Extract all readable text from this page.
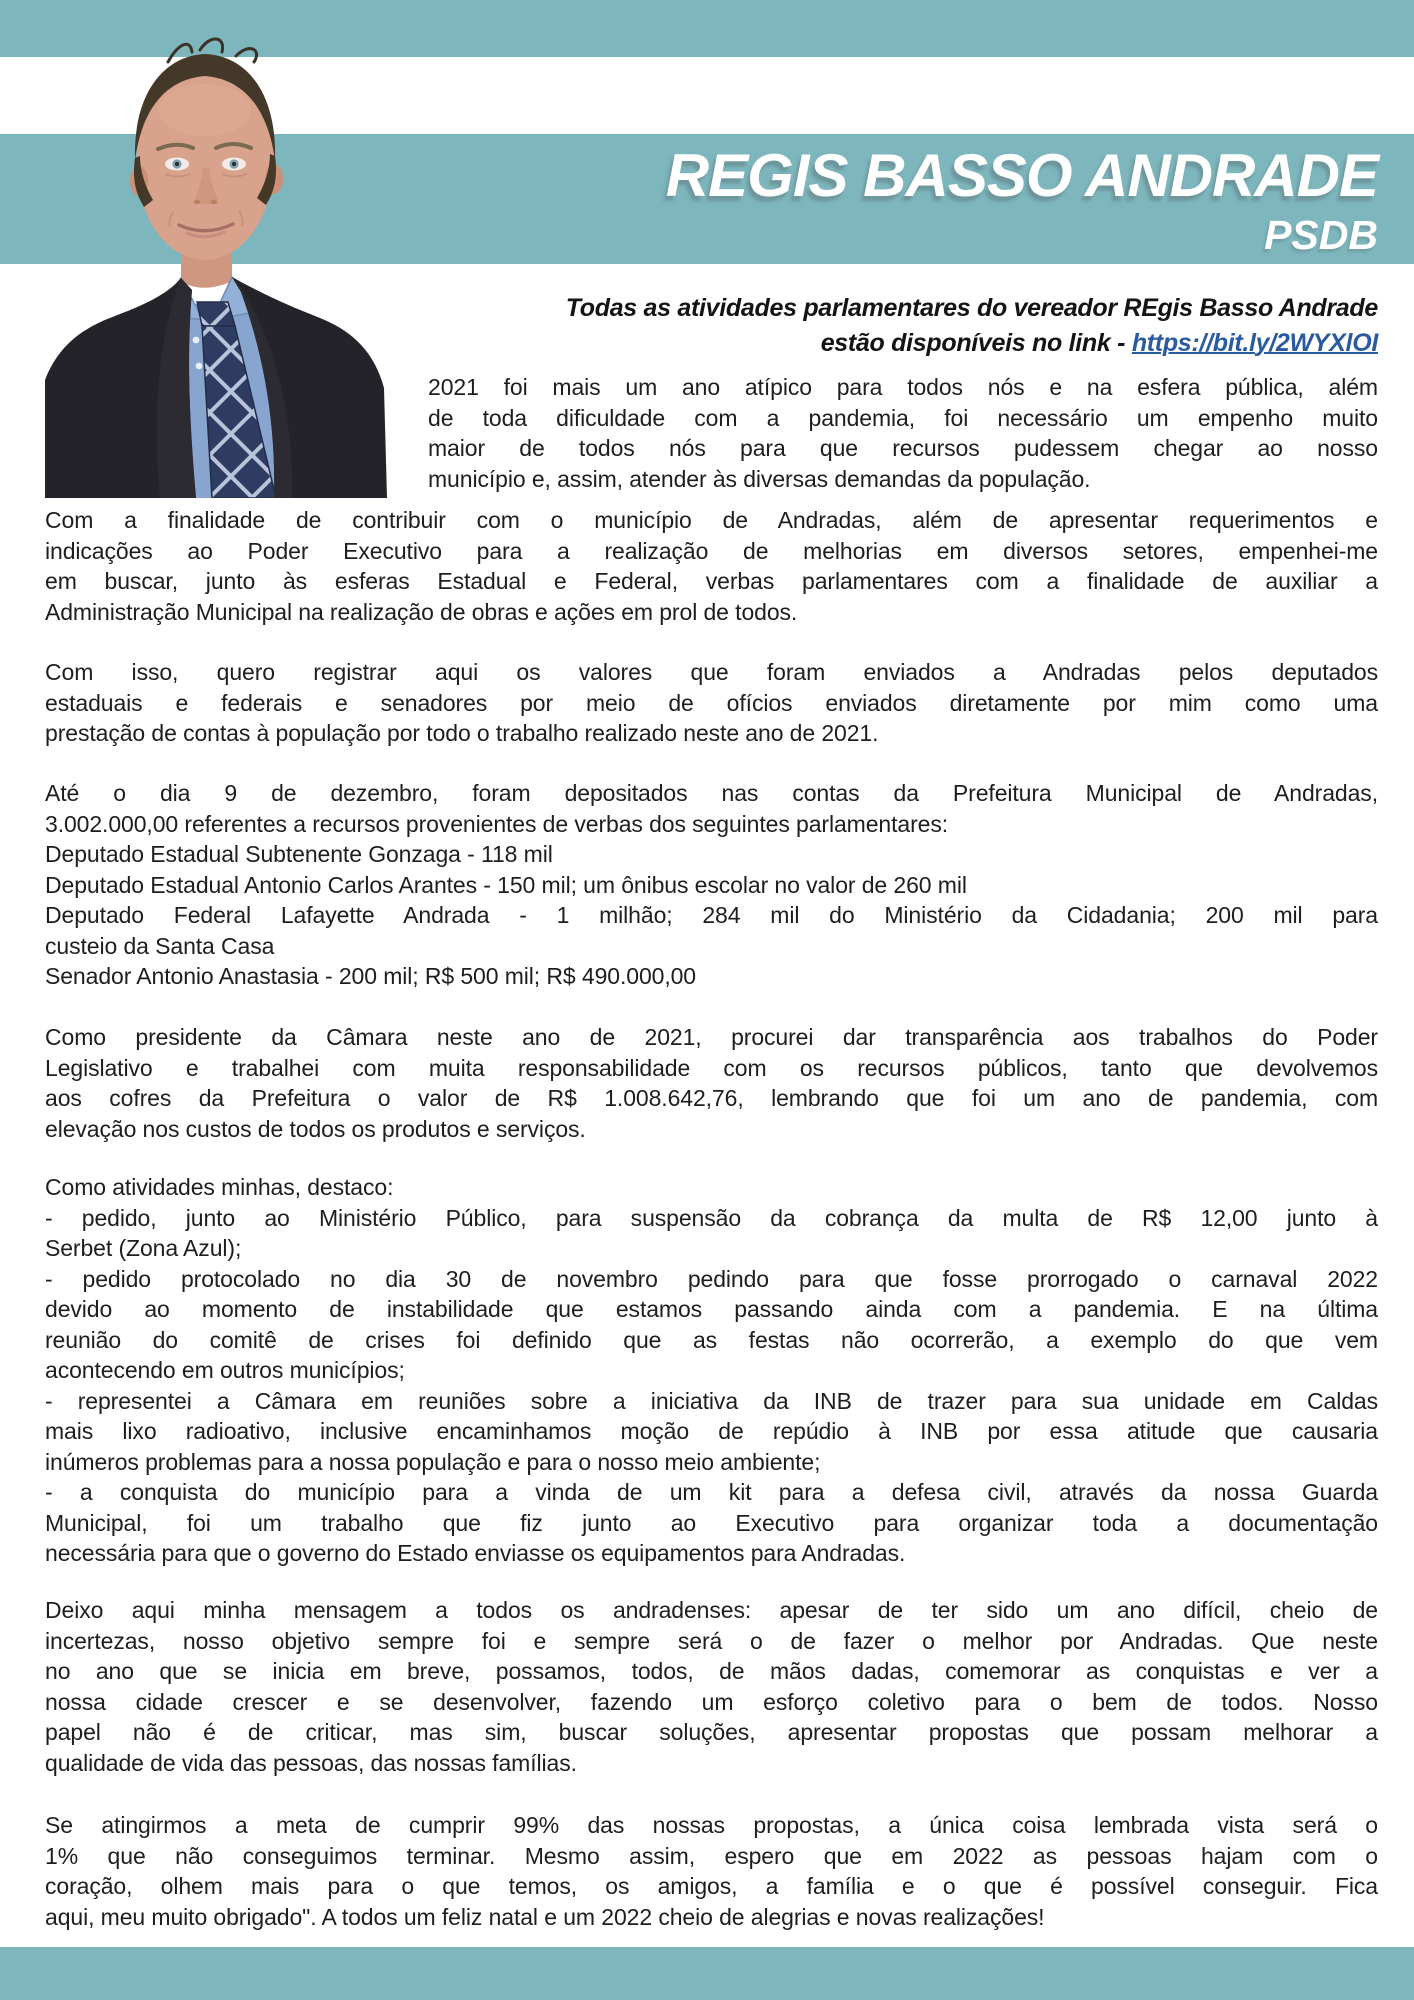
REGIS BASSO ANDRADE
PSDB
Todas as atividades parlamentares do vereador REgis Basso Andrade
estão disponíveis no link - https://bit.ly/2WYXlOI
2021 foi mais um ano atípico para todos nós e na esfera pública, além
de toda dificuldade com a pandemia, foi necessário um empenho muito
maior de todos nós para que recursos pudessem chegar ao nosso
município e, assim, atender às diversas demandas da população.
Com a finalidade de contribuir com o município de Andradas, além de apresentar requerimentos e
indicações ao Poder Executivo para a realização de melhorias em diversos setores, empenhei-me
em buscar, junto às esferas Estadual e Federal, verbas parlamentares com a finalidade de auxiliar a
Administração Municipal na realização de obras e ações em prol de todos.
Com isso, quero registrar aqui os valores que foram enviados a Andradas pelos deputados
estaduais e federais e senadores por meio de ofícios enviados diretamente por mim como uma
prestação de contas à população por todo o trabalho realizado neste ano de 2021.
Até o dia 9 de dezembro, foram depositados nas contas da Prefeitura Municipal de Andradas,
3.002.000,00 referentes a recursos provenientes de verbas dos seguintes parlamentares:
Deputado Estadual Subtenente Gonzaga - 118 mil
Deputado Estadual Antonio Carlos Arantes - 150 mil; um ônibus escolar no valor de 260 mil
Deputado Federal Lafayette Andrada - 1 milhão; 284 mil do Ministério da Cidadania; 200 mil para
custeio da Santa Casa
Senador Antonio Anastasia - 200 mil; R$ 500 mil; R$ 490.000,00
Como presidente da Câmara neste ano de 2021, procurei dar transparência aos trabalhos do Poder
Legislativo e trabalhei com muita responsabilidade com os recursos públicos, tanto que devolvemos
aos cofres da Prefeitura o valor de R$ 1.008.642,76, lembrando que foi um ano de pandemia, com
elevação nos custos de todos os produtos e serviços.
Como atividades minhas, destaco:
- pedido, junto ao Ministério Público, para suspensão da cobrança da multa de R$ 12,00 junto à
Serbet (Zona Azul);
- pedido protocolado no dia 30 de novembro pedindo para que fosse prorrogado o carnaval 2022
devido ao momento de instabilidade que estamos passando ainda com a pandemia. E na última
reunião do comitê de crises foi definido que as festas não ocorrerão, a exemplo do que vem
acontecendo em outros municípios;
- representei a Câmara em reuniões sobre a iniciativa da INB de trazer para sua unidade em Caldas
mais lixo radioativo, inclusive encaminhamos moção de repúdio à INB por essa atitude que causaria
inúmeros problemas para a nossa população e para o nosso meio ambiente;
- a conquista do município para a vinda de um kit para a defesa civil, através da nossa Guarda
Municipal, foi um trabalho que fiz junto ao Executivo para organizar toda a documentação
necessária para que o governo do Estado enviasse os equipamentos para Andradas.
Deixo aqui minha mensagem a todos os andradenses: apesar de ter sido um ano difícil, cheio de
incertezas, nosso objetivo sempre foi e sempre será o de fazer o melhor por Andradas. Que neste
no ano que se inicia em breve, possamos, todos, de mãos dadas, comemorar as conquistas e ver a
nossa cidade crescer e se desenvolver, fazendo um esforço coletivo para o bem de todos. Nosso
papel não é de criticar, mas sim, buscar soluções, apresentar propostas que possam melhorar a
qualidade de vida das pessoas, das nossas famílias.
Se atingirmos a meta de cumprir 99% das nossas propostas, a única coisa lembrada vista será o
1% que não conseguimos terminar. Mesmo assim, espero que em 2022 as pessoas hajam com o
coração, olhem mais para o que temos, os amigos, a família e o que é possível conseguir. Fica
aqui, meu muito obrigado". A todos um feliz natal e um 2022 cheio de alegrias e novas realizações!
